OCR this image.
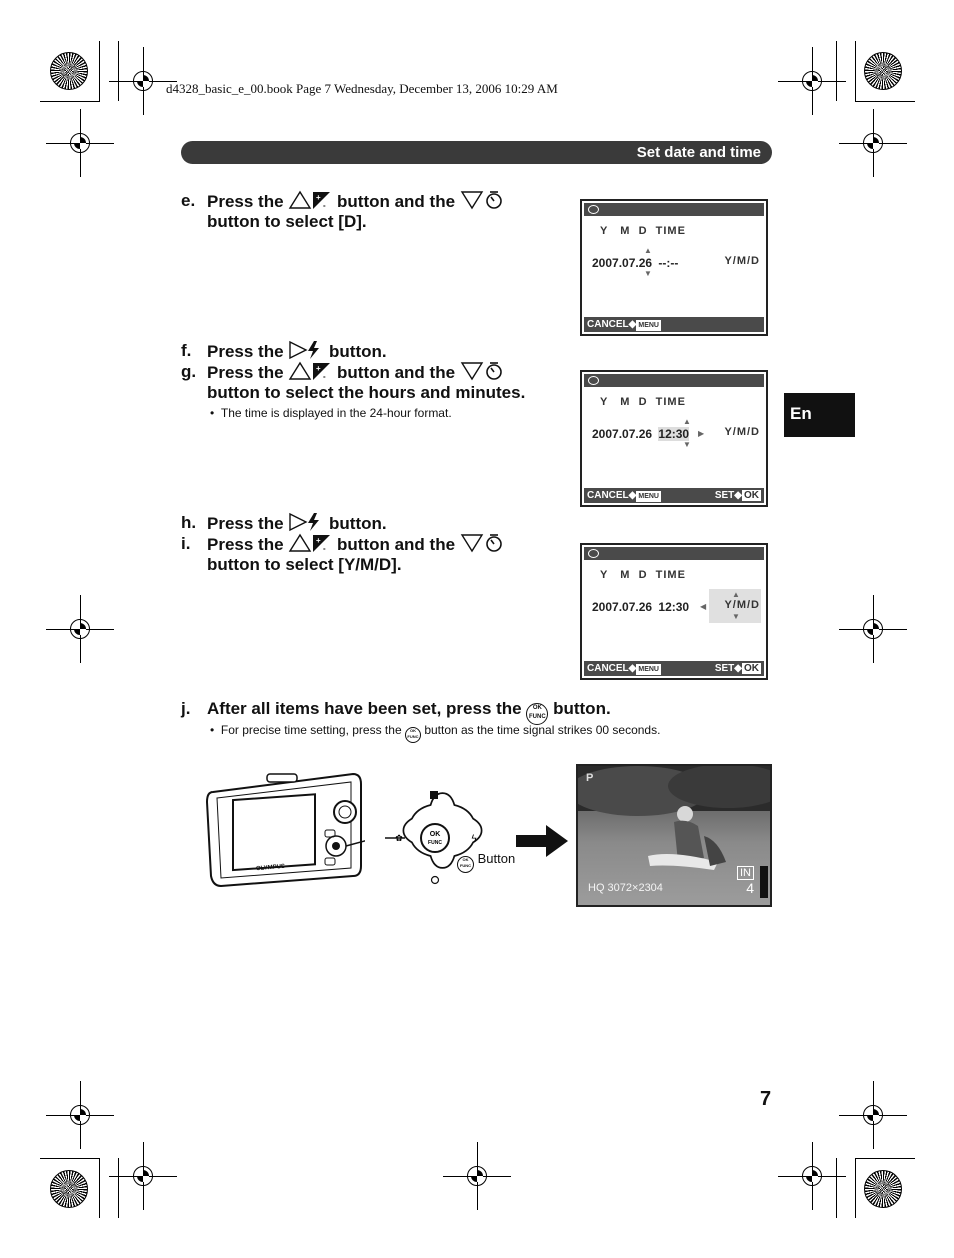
d4328_basic_e_00.book Page 7 Wednesday, December 13, 2006 10:29 AM
Set date and time
En
e. Press the	+
- button and the
button to select [D].	Y   M  D  TIME
2007.07.26 --:--
▲
▼
Y/M/D
CANCEL◆ MENU
f. Press the	button.
g. Press the	+
- button and the
button to select the hours and minutes.
•  The time is displayed in the 24-hour format.
Y   M  D  TIME
2007.07.26 12:30
▲
▼
▶ Y/M/D
CANCEL◆ MENU	SET◆ OK
h. Press the	button.
i. Press the	+
- button and the
button to select [Y/M/D].
Y   M  D  TIME
2007.07.26 12:30
▲
▼
◀ Y/M/D
CANCEL◆ MENU	SET◆ OK
j. After all items have been set, press the OK
FUNC button.
•  For precise time setting, press the OK
FUNC button as the time signal strikes 00 seconds.
OLYMPUS
OK
FUNC
✿	ϟ
OK
FUNC Button
P
IN
4
HQ 3072×2304
7
